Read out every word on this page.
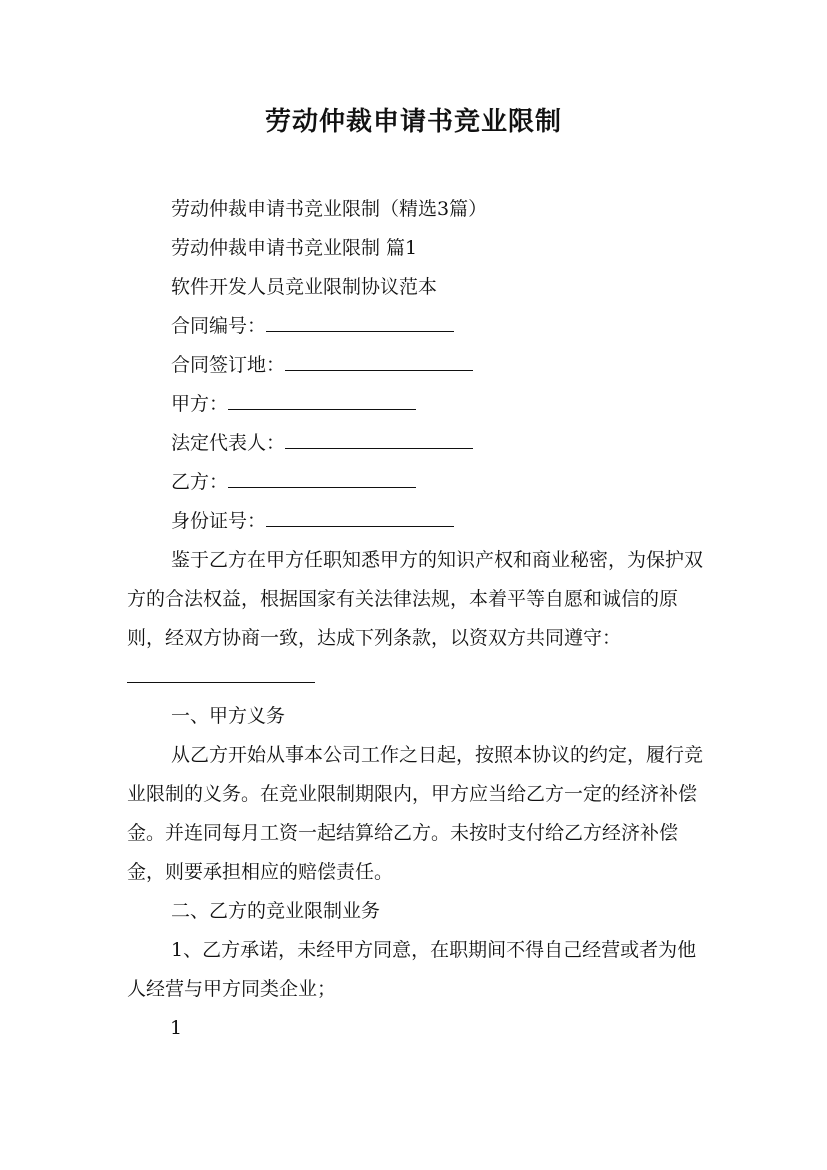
劳动仲裁申请书竞业限制

劳动仲裁申请书竞业限制（精选3篇）

劳动仲裁申请书竞业限制 篇1

软件开发人员竞业限制协议范本

合同编号：

合同签订地：

甲方：

法定代表人：

乙方：

身份证号：

鉴于乙方在甲方任职知悉甲方的知识产权和商业秘密，为保护双方的合法权益，根据国家有关法律法规，本着平等自愿和诚信的原则，经双方协商一致，达成下列条款，以资双方共同遵守：

一、甲方义务

从乙方开始从事本公司工作之日起，按照本协议的约定，履行竞业限制的义务。在竞业限制期限内，甲方应当给乙方一定的经济补偿金。并连同每月工资一起结算给乙方。未按时支付给乙方经济补偿金，则要承担相应的赔偿责任。

二、乙方的竞业限制业务

1、乙方承诺，未经甲方同意，在职期间不得自己经营或者为他人经营与甲方同类企业；

1
